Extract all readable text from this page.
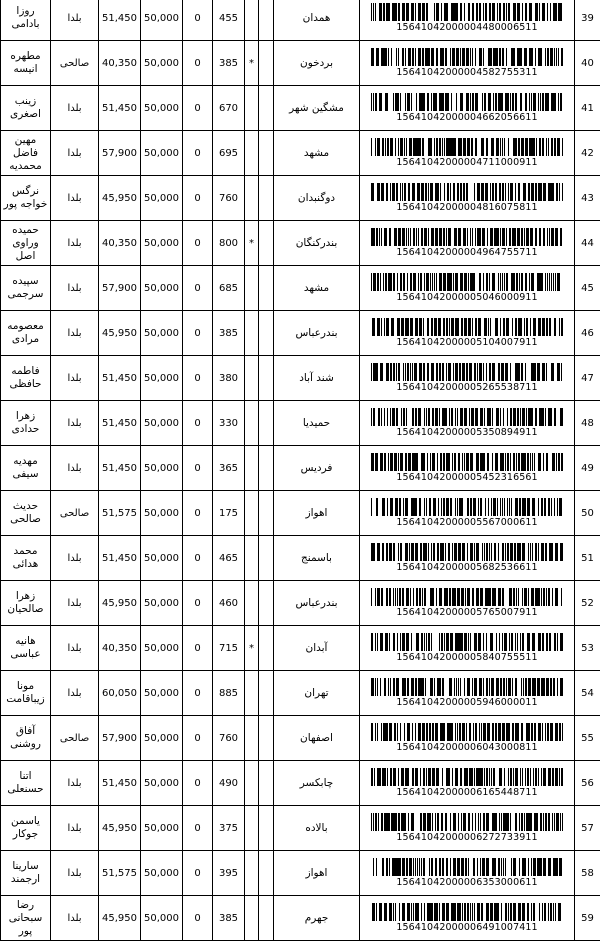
روزا بادامی	بلدا	51,450	50,000	0	455			همدان	15641042000004480006511	39
مطهره انیسه	صالحی	40,350	50,000	0	385	*		بردخون	15641042000004582755311	40
زینب اصغری	بلدا	51,450	50,000	0	670			مشگین شهر	15641042000004662056611	41
مهین فاضل محمدیه	بلدا	57,900	50,000	0	695			مشهد	15641042000004711000911	42
نرگس خواجه پور	بلدا	45,950	50,000	0	760			دوگنبدان	15641042000004816075811	43
حمیده وراوی اصل	بلدا	40,350	50,000	0	800	*		بندرکنگان	15641042000004964755711	44
سپیده سرجمی	بلدا	57,900	50,000	0	685			مشهد	15641042000005046000911	45
معصومه مرادی	بلدا	45,950	50,000	0	385			بندرعباس	15641042000005104007911	46
فاطمه حافظی	بلدا	51,450	50,000	0	380			شند آباد	15641042000005265538711	47
زهرا حدادی	بلدا	51,450	50,000	0	330			حمیدیا	15641042000005350894911	48
مهدیه سیفی	بلدا	51,450	50,000	0	365			فردیس	15641042000005452316561	49
حدیث صالحی	صالحی	51,575	50,000	0	175			اهواز	15641042000005567000611	50
محمد هدائی	بلدا	51,450	50,000	0	465			باسمنج	15641042000005682536611	51
زهرا صالحیان	بلدا	45,950	50,000	0	460			بندرعباس	15641042000005765007911	52
هانیه عباسی	بلدا	40,350	50,000	0	715	*		آبدان	15641042000005840755511	53
مونا زیباقامت	بلدا	60,050	50,000	0	885			تهران	15641042000005946000011	54
آفاق روشنی	صالحی	57,900	50,000	0	760			اصفهان	15641042000006043000811	55
اتنا حسنعلی	بلدا	51,450	50,000	0	490			چابکسر	15641042000006165448711	56
یاسمن جوکار	بلدا	45,950	50,000	0	375			بالاده	15641042000006272733911	57
سارینا ارجمند	بلدا	51,575	50,000	0	395			اهواز	15641042000006353000611	58
رضا سبحانی پور	بلدا	45,950	50,000	0	385			جهرم	15641042000006491007411	59
